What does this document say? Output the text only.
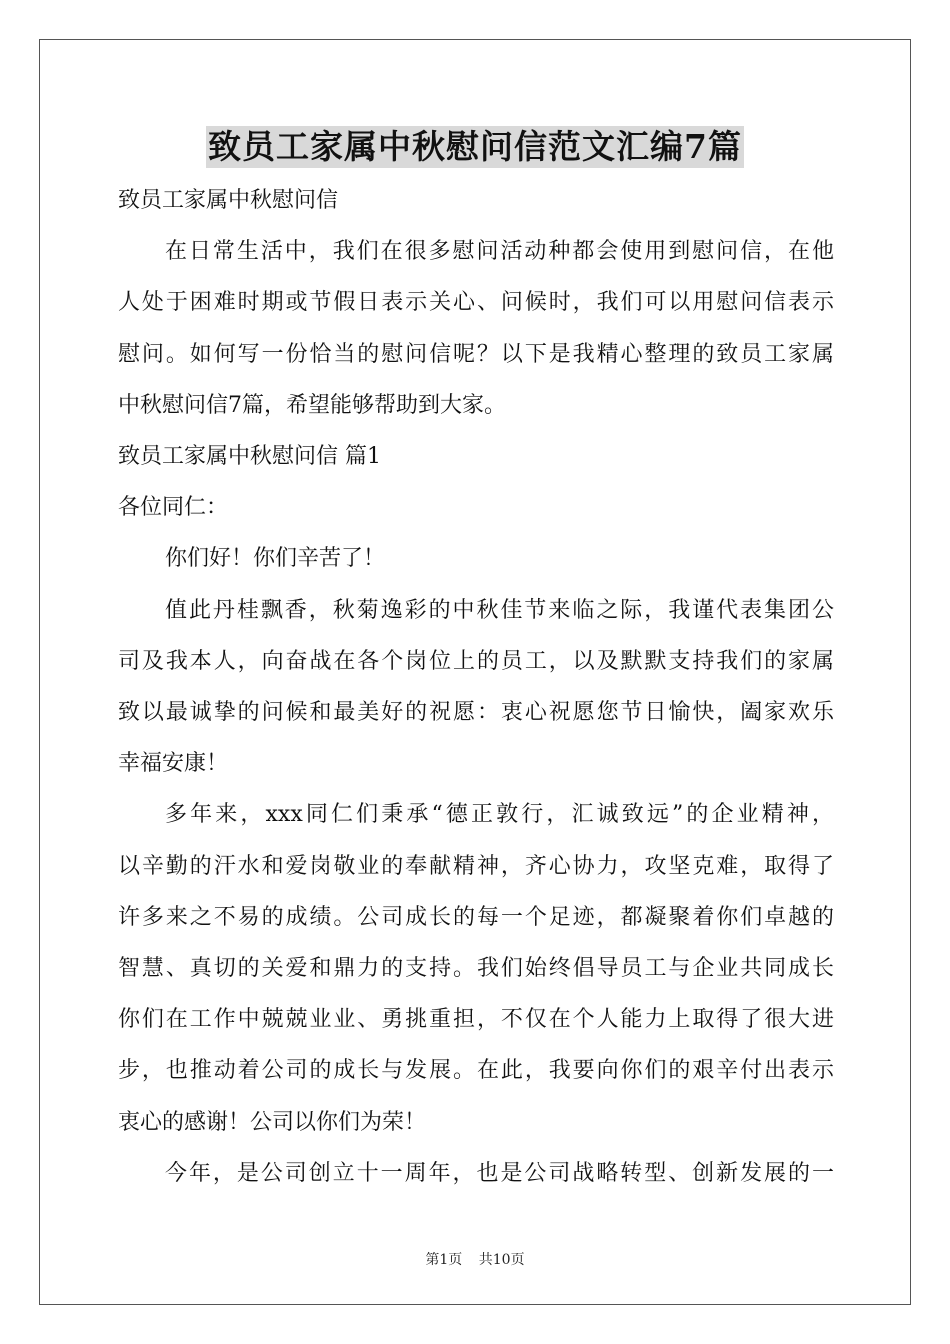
致员工家属中秋慰问信范文汇编7篇
致员工家属中秋慰问信
在日常生活中，我们在很多慰问活动种都会使用到慰问信，在他
人处于困难时期或节假日表示关心、问候时，我们可以用慰问信表示
慰问。如何写一份恰当的慰问信呢？以下是我精心整理的致员工家属
中秋慰问信7篇，希望能够帮助到大家。
致员工家属中秋慰问信 篇1
各位同仁：
你们好！你们辛苦了！
值此丹桂飘香，秋菊逸彩的中秋佳节来临之际，我谨代表集团公
司及我本人，向奋战在各个岗位上的员工，以及默默支持我们的家属
致以最诚挚的问候和最美好的祝愿：衷心祝愿您节日愉快，阖家欢乐
幸福安康！
多年来，xxx同仁们秉承“德正敦行，汇诚致远”的企业精神，
以辛勤的汗水和爱岗敬业的奉献精神，齐心协力，攻坚克难，取得了
许多来之不易的成绩。公司成长的每一个足迹，都凝聚着你们卓越的
智慧、真切的关爱和鼎力的支持。我们始终倡导员工与企业共同成长
你们在工作中兢兢业业、勇挑重担，不仅在个人能力上取得了很大进
步，也推动着公司的成长与发展。在此，我要向你们的艰辛付出表示
衷心的感谢！公司以你们为荣！
今年，是公司创立十一周年，也是公司战略转型、创新发展的一
第1页 共10页
